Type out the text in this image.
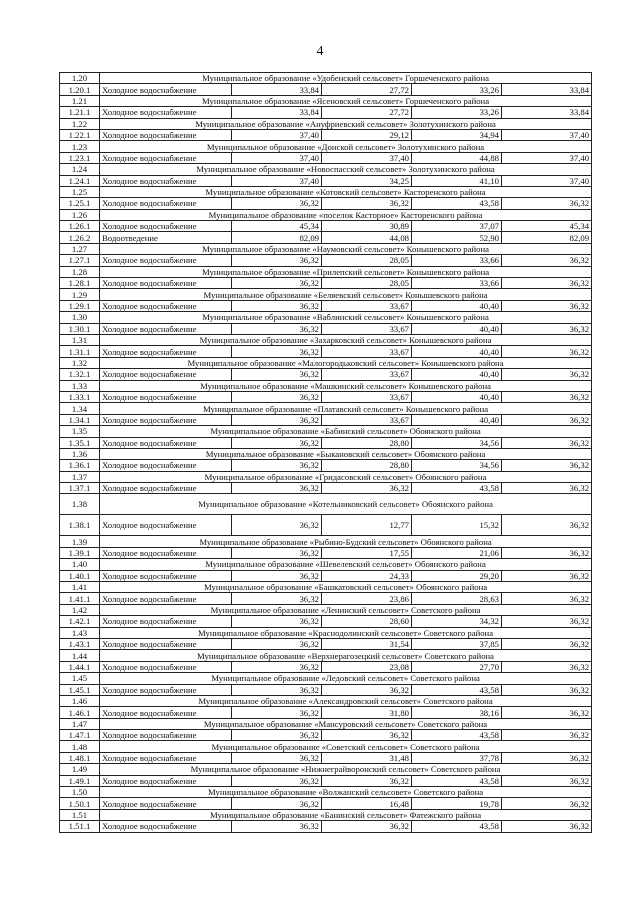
4
1.20	Муниципальное образование «Удобенский сельсовет» Горшеченского района				
1.20.1	Холодное водоснабжение	33,84	27,72	33,26	33,84
1.21	Муниципальное образование «Ясеновский сельсовет» Горшеченского района				
1.21.1	Холодное водоснабжение	33,84	27,72	33,26	33,84
1.22	Муниципальное образование «Ануфриевский сельсовет» Золотухинского района				
1.22.1	Холодное водоснабжение	37,40	29,12	34,94	37,40
1.23	Муниципальное образование «Донской сельсовет» Золотухинского района				
1.23.1	Холодное водоснабжение	37,40	37,40	44,88	37,40
1.24	Муниципальное образование «Новоспасский сельсовет» Золотухинского района				
1.24.1	Холодное водоснабжение	37,40	34,25	41,10	37,40
1.25	Муниципальное образование «Котовский сельсовет» Касторенского района				
1.25.1	Холодное водоснабжение	36,32	36,32	43,58	36,32
1.26	Муниципальное образование «поселок Касторное» Касторенского района				
1.26.1	Холодное водоснабжение	45,34	30,89	37,07	45,34
1.26.2	Водоотведение	82,09	44,08	52,90	82,09
1.27	Муниципальное образование «Наумовский сельсовет» Конышевского района				
1.27.1	Холодное водоснабжение	36,32	28,05	33,66	36,32
1.28	Муниципальное образование «Прилепский сельсовет» Конышевского района				
1.28.1	Холодное водоснабжение	36,32	28,05	33,66	36,32
1.29	Муниципальное образование «Беляевский сельсовет» Конышевского района				
1.29.1	Холодное водоснабжение	36,32	33,67	40,40	36,32
1.30	Муниципальное образование «Ваблинский сельсовет» Конышевского района				
1.30.1	Холодное водоснабжение	36,32	33,67	40,40	36,32
1.31	Муниципальное образование «Захарковский сельсовет» Конышевского района				
1.31.1	Холодное водоснабжение	36,32	33,67	40,40	36,32
1.32	Муниципальное образование «Малогородьковский сельсовет» Конышевского района				
1.32.1	Холодное водоснабжение	36,32	33,67	40,40	36,32
1.33	Муниципальное образование «Машкинский сельсовет» Конышевского района				
1.33.1	Холодное водоснабжение	36,32	33,67	40,40	36,32
1.34	Муниципальное образование «Платавский сельсовет» Конышевского района				
1.34.1	Холодное водоснабжение	36,32	33,67	40,40	36,32
1.35	Муниципальное образование «Бабинский сельсовет» Обоянского района				
1.35.1	Холодное водоснабжение	36,32	28,80	34,56	36,32
1.36	Муниципальное образование «Быкановский сельсовет» Обоянского района				
1.36.1	Холодное водоснабжение	36,32	28,80	34,56	36,32
1.37	Муниципальное образование «Гридасовский сельсовет» Обоянского района				
1.37.1	Холодное водоснабжение	36,32	36,32	43,58	36,32
1.38	Муниципальное образование «Котельниковский сельсовет» Обоянского района				
1.38.1	Холодное водоснабжение	36,32	12,77	15,32	36,32
1.39	Муниципальное образование «Рыбино-Будский сельсовет» Обоянского района				
1.39.1	Холодное водоснабжение	36,32	17,55	21,06	36,32
1.40	Муниципальное образование «Шевелевский сельсовет» Обоянского района				
1.40.1	Холодное водоснабжение	36,32	24,33	29,20	36,32
1.41	Муниципальное образование «Башкатовский сельсовет» Обоянского района				
1.41.1	Холодное водоснабжение	36,32	23,86	28,63	36,32
1.42	Муниципальное образование «Ленинский сельсовет» Советского района				
1.42.1	Холодное водоснабжение	36,32	28,60	34,32	36,32
1.43	Муниципальное образование «Краснодолинский сельсовет» Советского района				
1.43.1	Холодное водоснабжение	36,32	31,54	37,85	36,32
1.44	Муниципальное образование «Верхнерагозецкий сельсовет» Советского района				
1.44.1	Холодное водоснабжение	36,32	23,08	27,70	36,32
1.45	Муниципальное образование «Ледовский сельсовет» Советского района				
1.45.1	Холодное водоснабжение	36,32	36,32	43,58	36,32
1.46	Муниципальное образование «Александровский сельсовет» Советского района				
1.46.1	Холодное водоснабжение	36,32	31,80	38,16	36,32
1.47	Муниципальное образование «Мансуровский сельсовет» Советского района				
1.47.1	Холодное водоснабжение	36,32	36,32	43,58	36,32
1.48	Муниципальное образование «Советский сельсовет» Советского района				
1.48.1	Холодное водоснабжение	36,32	31,48	37,78	36,32
1.49	Муниципальное образование «Нижнеграйворонский сельсовет» Советского района				
1.49.1	Холодное водоснабжение	36,32	36,32	43,58	36,32
1.50	Муниципальное образование «Волжанский сельсовет» Советского района				
1.50.1	Холодное водоснабжение	36,32	16,48	19,78	36,32
1.51	Муниципальное образование «Банинский сельсовет» Фатежского района				
1.51.1	Холодное водоснабжение	36,32	36,32	43,58	36,32
